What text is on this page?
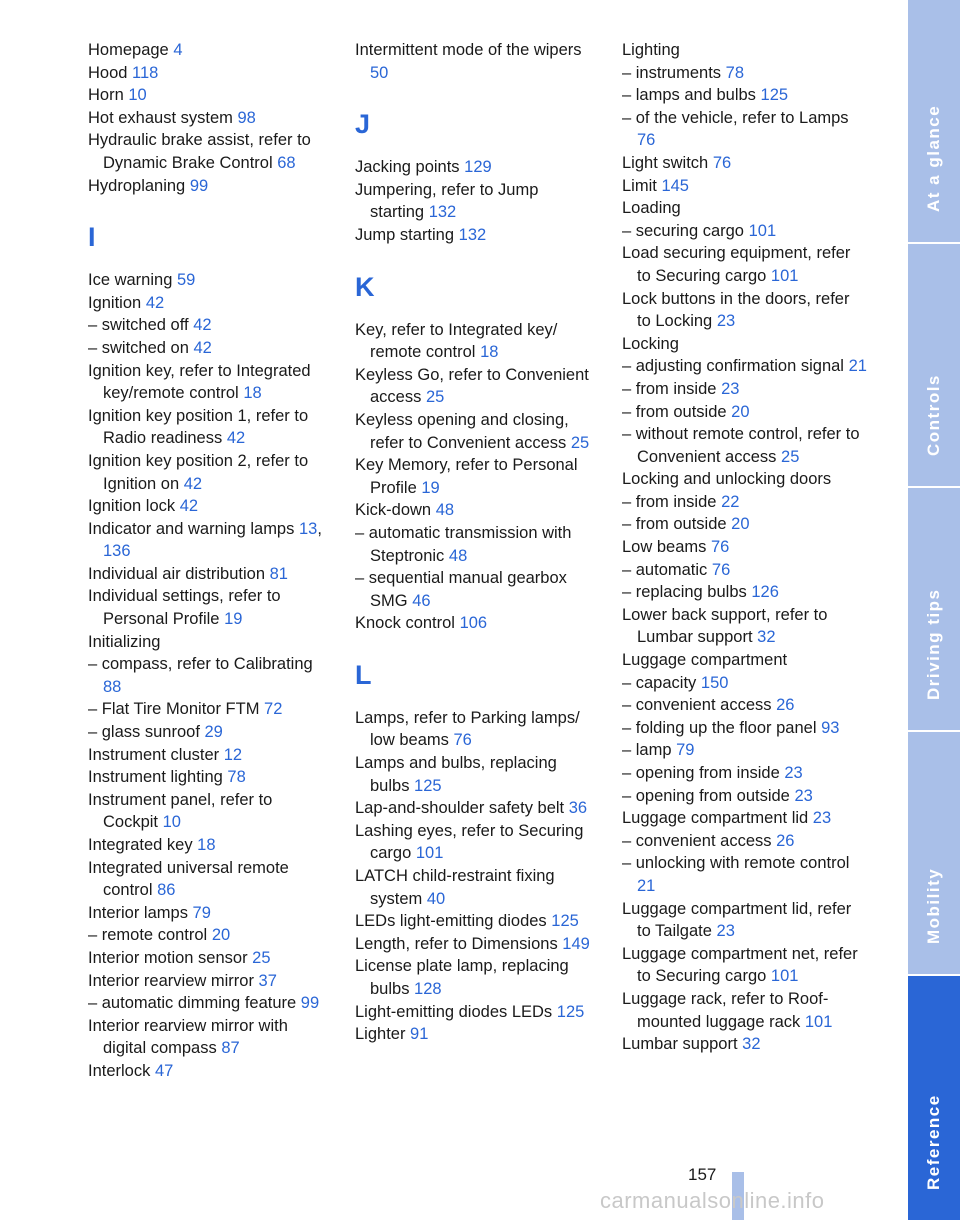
Homepage 4

Hood 118

Horn 10

Hot exhaust system 98

Hydraulic brake assist, refer to Dynamic Brake Control 68

Hydroplaning 99

I

Ice warning 59

Ignition 42

– switched off 42

– switched on 42

Ignition key, refer to Integrated key/remote control 18

Ignition key position 1, refer to Radio readiness 42

Ignition key position 2, refer to Ignition on 42

Ignition lock 42

Indicator and warning lamps 13, 136

Individual air distribution 81

Individual settings, refer to Personal Profile 19

Initializing

– compass, refer to Calibrating 88

– Flat Tire Monitor FTM 72

– glass sunroof 29

Instrument cluster 12

Instrument lighting 78

Instrument panel, refer to Cockpit 10

Integrated key 18

Integrated universal remote control 86

Interior lamps 79

– remote control 20

Interior motion sensor 25

Interior rearview mirror 37

– automatic dimming feature 99

Interior rearview mirror with digital compass 87

Interlock 47

Intermittent mode of the wipers 50

J

Jacking points 129

Jumpering, refer to Jump starting 132

Jump starting 132

K

Key, refer to Integrated key/ remote control 18

Keyless Go, refer to Convenient access 25

Keyless opening and closing, refer to Convenient access 25

Key Memory, refer to Personal Profile 19

Kick-down 48

– automatic transmission with Steptronic 48

– sequential manual gearbox SMG 46

Knock control 106

L

Lamps, refer to Parking lamps/ low beams 76

Lamps and bulbs, replacing bulbs 125

Lap-and-shoulder safety belt 36

Lashing eyes, refer to Securing cargo 101

LATCH child-restraint fixing system 40

LEDs light-emitting diodes 125

Length, refer to Dimensions 149

License plate lamp, replacing bulbs 128

Light-emitting diodes LEDs 125

Lighter 91

Lighting

– instruments 78

– lamps and bulbs 125

– of the vehicle, refer to Lamps 76

Light switch 76

Limit 145

Loading

– securing cargo 101

Load securing equipment, refer to Securing cargo 101

Lock buttons in the doors, refer to Locking 23

Locking

– adjusting confirmation signal 21

– from inside 23

– from outside 20

– without remote control, refer to Convenient access 25

Locking and unlocking doors

– from inside 22

– from outside 20

Low beams 76

– automatic 76

– replacing bulbs 126

Lower back support, refer to Lumbar support 32

Luggage compartment

– capacity 150

– convenient access 26

– folding up the floor panel 93

– lamp 79

– opening from inside 23

– opening from outside 23

Luggage compartment lid 23

– convenient access 26

– unlocking with remote control 21

Luggage compartment lid, refer to Tailgate 23

Luggage compartment net, refer to Securing cargo 101

Luggage rack, refer to Roof- mounted luggage rack 101

Lumbar support 32

At a glance
Controls
Driving tips
Mobility
Reference
157
carmanualsonline.info
